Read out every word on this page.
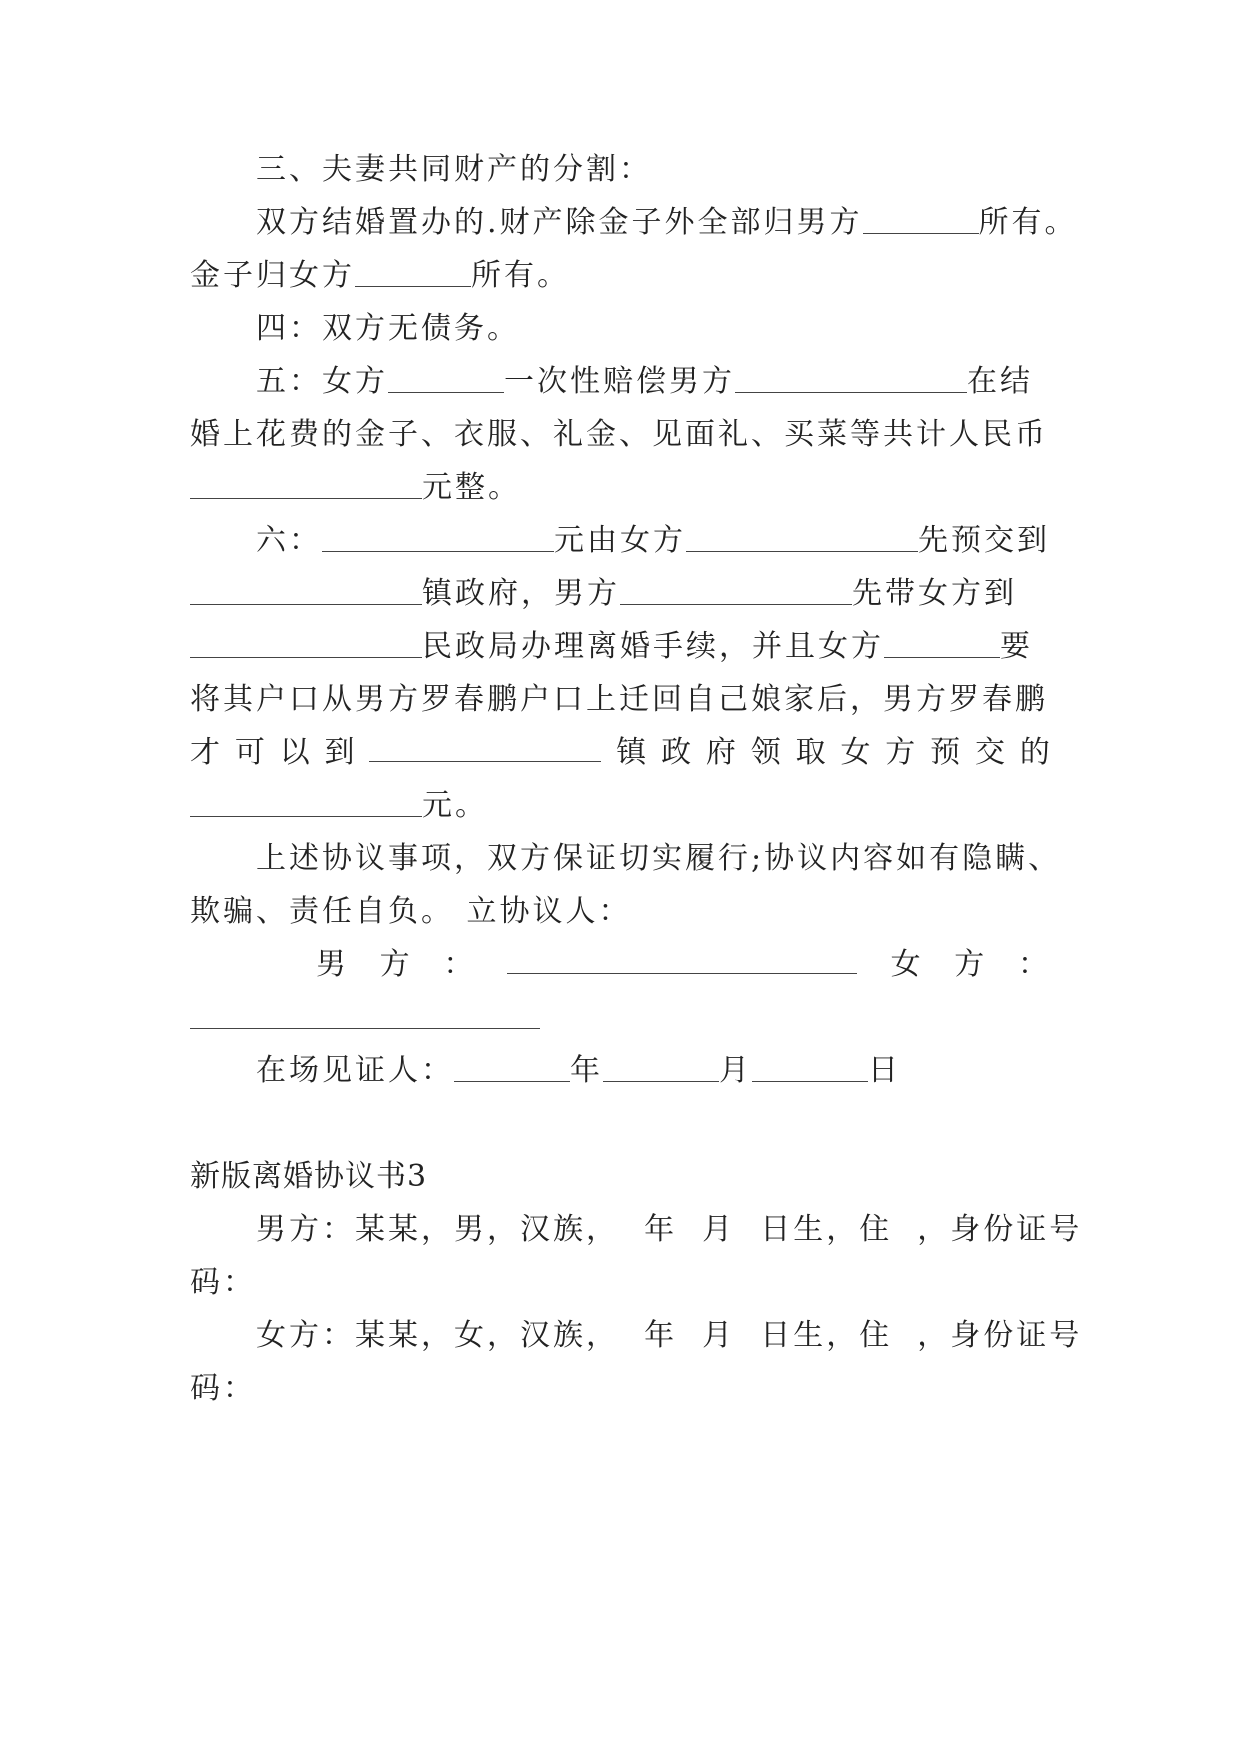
三、夫妻共同财产的分割：
双方结婚置办的.财产除金子外全部归男方	所有。
金子归女方	所有。
四：双方无债务。
五：女方	一次性赔偿男方	在结
婚上花费的金子、衣服、礼金、见面礼、买菜等共计人民币
元整。
六：	元由女方	先预交到
镇政府，男方	先带女方到
民政局办理离婚手续，并且女方	要
将其户口从男方罗春鹏户口上迁回自己娘家后，男方罗春鹏
才 可 以 到	镇 政 府 领 取 女 方 预 交 的
元。
上述协议事项，双方保证切实履行;协议内容如有隐瞒、
欺骗、责任自负。 立协议人：
男 方 ：	女 方 ：
在场见证人：	年	月	日
新版离婚协议书3
男方：某某，男，汉族，  年  月  日生，住  ，身份证号
码：
女方：某某，女，汉族，  年  月  日生，住  ，身份证号
码：
